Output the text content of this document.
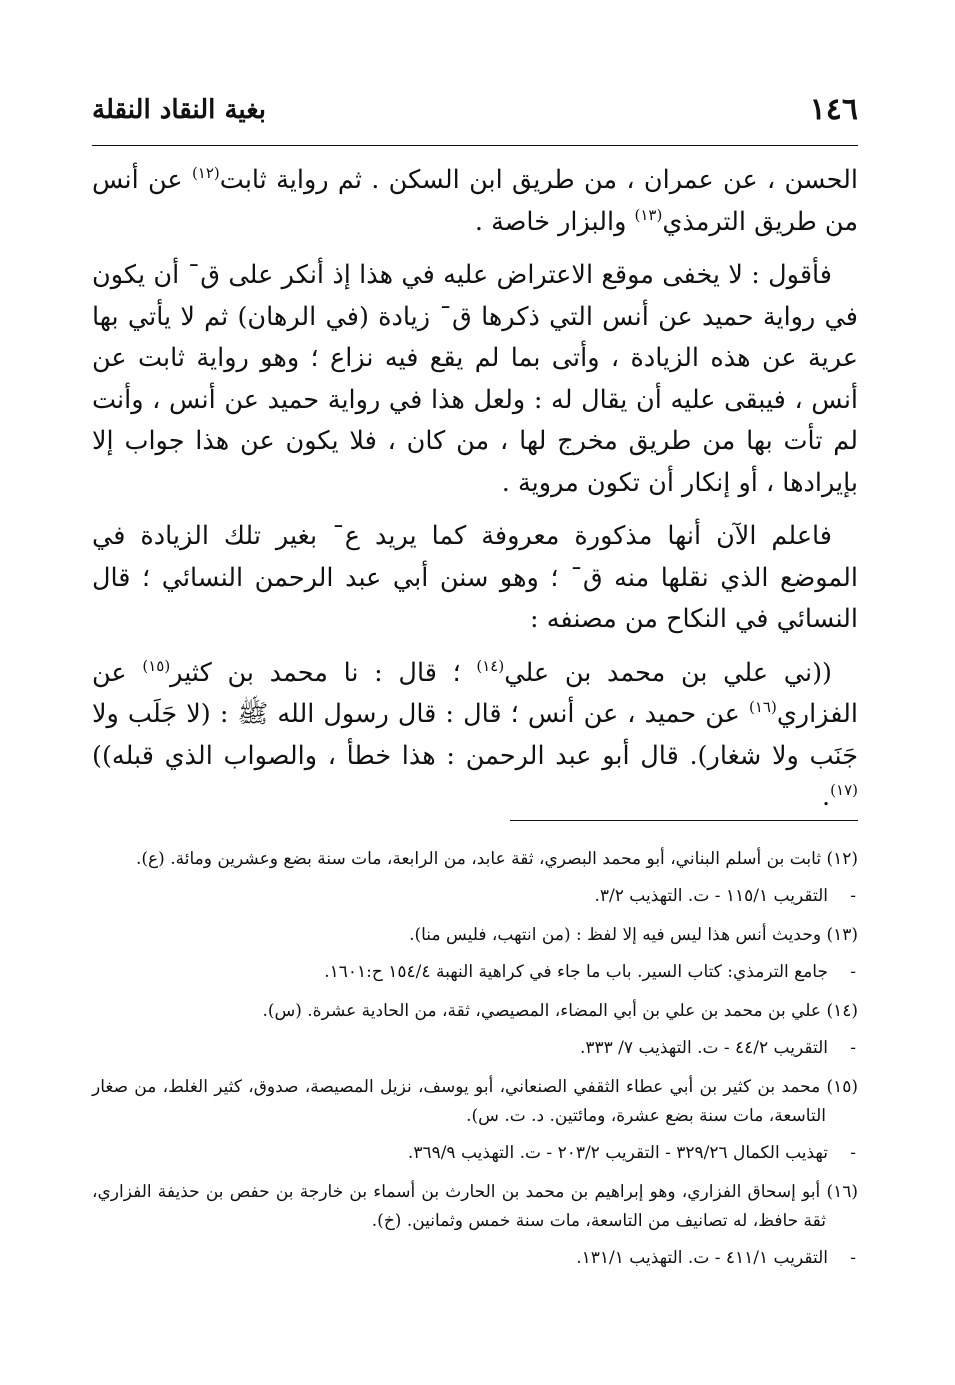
١٤٦
بغية النقاد النقلة

الحسن ، عن عمران ، من طريق ابن السكن . ثم رواية ثابت$^{(١٢)}$ عن أنس من طريق الترمذي$^{(١٣)}$ والبزار خاصة .

فأقول : لا يخفى موقع الاعتراض عليه في هذا إذ أنكر على قˉ أن يكون في رواية حميد عن أنس التي ذكرها قˉ زيادة (في الرهان) ثم لا يأتي بها عرية عن هذه الزيادة ، وأتى بما لم يقع فيه نزاع ؛ وهو رواية ثابت عن أنس ، فيبقى عليه أن يقال له : ولعل هذا في رواية حميد عن أنس ، وأنت لم تأت بها من طريق مخرج لها ، من كان ، فلا يكون عن هذا جواب إلا بإيرادها ، أو إنكار أن تكون مروية .

فاعلم الآن أنها مذكورة معروفة كما يريد عˉ بغير تلك الزيادة في الموضع الذي نقلها منه قˉ ؛ وهو سنن أبي عبد الرحمن النسائي ؛ قال النسائي في النكاح من مصنفه :

((ني علي بن محمد بن علي$^{(١٤)}$ ؛ قال : نا محمد بن كثير$^{(١٥)}$ عن الفزاري$^{(١٦)}$ عن حميد ، عن أنس ؛ قال : قال رسول الله ﷺ : (لا جَلَب ولا جَنَب ولا شغار). قال أبو عبد الرحمن : هذا خطأ ، والصواب الذي قبله))$^{(١٧)}$.

(١٢) ثابت بن أسلم البناني، أبو محمد البصري، ثقة عابد، من الرابعة، مات سنة بضع وعشرين ومائة. (ع).
-
التقريب ١١٥/١ - ت. التهذيب ٣/٢.
(١٣) وحديث أنس هذا ليس فيه إلا لفظ : (من انتهب، فليس منا).
-
جامع الترمذي: كتاب السير. باب ما جاء في كراهية النهبة ١٥٤/٤ ح:١٦٠١.
(١٤) علي بن محمد بن علي بن أبي المضاء، المصيصي، ثقة، من الحادية عشرة. (س).
-
التقريب ٤٤/٢ - ت. التهذيب ٧/ ٣٣٣.
(١٥) محمد بن كثير بن أبي عطاء الثقفي الصنعاني، أبو يوسف، نزيل المصيصة، صدوق، كثير الغلط، من صغار التاسعة، مات سنة بضع عشرة، ومائتين. د. ت. س).
-
تهذيب الكمال ٣٢٩/٢٦ - التقريب ٢٠٣/٢ - ت. التهذيب ٣٦٩/٩.
(١٦) أبو إسحاق الفزاري، وهو إبراهيم بن محمد بن الحارث بن أسماء بن خارجة بن حفص بن حذيفة الفزاري، ثقة حافظ، له تصانيف من التاسعة، مات سنة خمس وثمانين. (خ).
-
التقريب ٤١١/١ - ت. التهذيب ١٣١/١.
